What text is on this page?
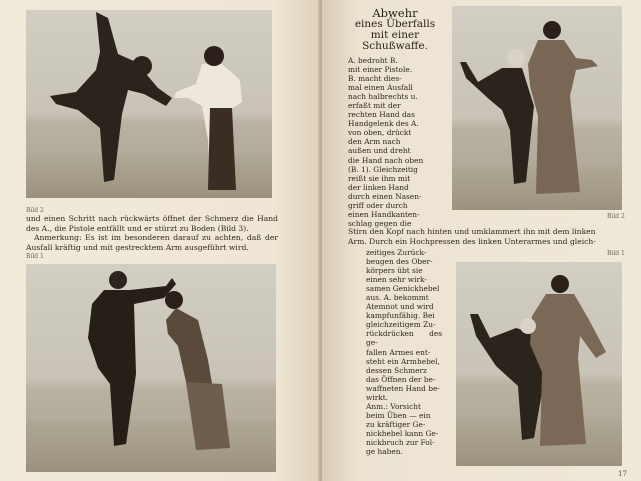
Bild 2

und einen Schritt nach rückwärts öffnet der Schmerz die Hand des A., die Pistole entfällt und er stürzt zu Boden (Bild 3).

Anmerkung: Es ist im besonderen darauf zu achten, daß der Ausfall kräftig und mit gestrecktem Arm ausgeführt wird.

Bild 1
Abwehr
eines Überfalls
mit einer
Schußwaffe.

A. bedroht B.

mit einer Pistole.

B. macht dies-

mal einen Ausfall

nach halbrechts u.

erfaßt mit der

rechten Hand das

Handgelenk des A.

von oben, drückt

den Arm nach

außen und dreht

die Hand nach oben

(B. 1). Gleichzeitig

reißt sie ihm mit

der linken Hand

durch einen Nasen-

griff oder durch

einen Handkanten-

schlag gegen die

Bild 2

Stirn den Kopf nach hinten und umklammert ihn mit dem linken

Arm. Durch ein Hochpressen des linken Unterarmes und gleich-

Bild 1

zeitiges Zurück-

beugen des Ober-

körpers übt sie

einen sehr wirk-

samen Genickhebel

aus. A. bekommt

Atemnot und wird

kampfunfähig. Bei

gleichzeitigem Zu-

rückdrücken des ge-

fallen Armes ent-

steht ein Armhebel,

dessen Schmerz

das Öffnen der be-

waffneten Hand be-

wirkt.

Anm.: Vorsicht

beim Üben — ein

zu kräftiger Ge-

nickhebel kann Ge-

nickbruch zur Fol-

ge haben.

17
